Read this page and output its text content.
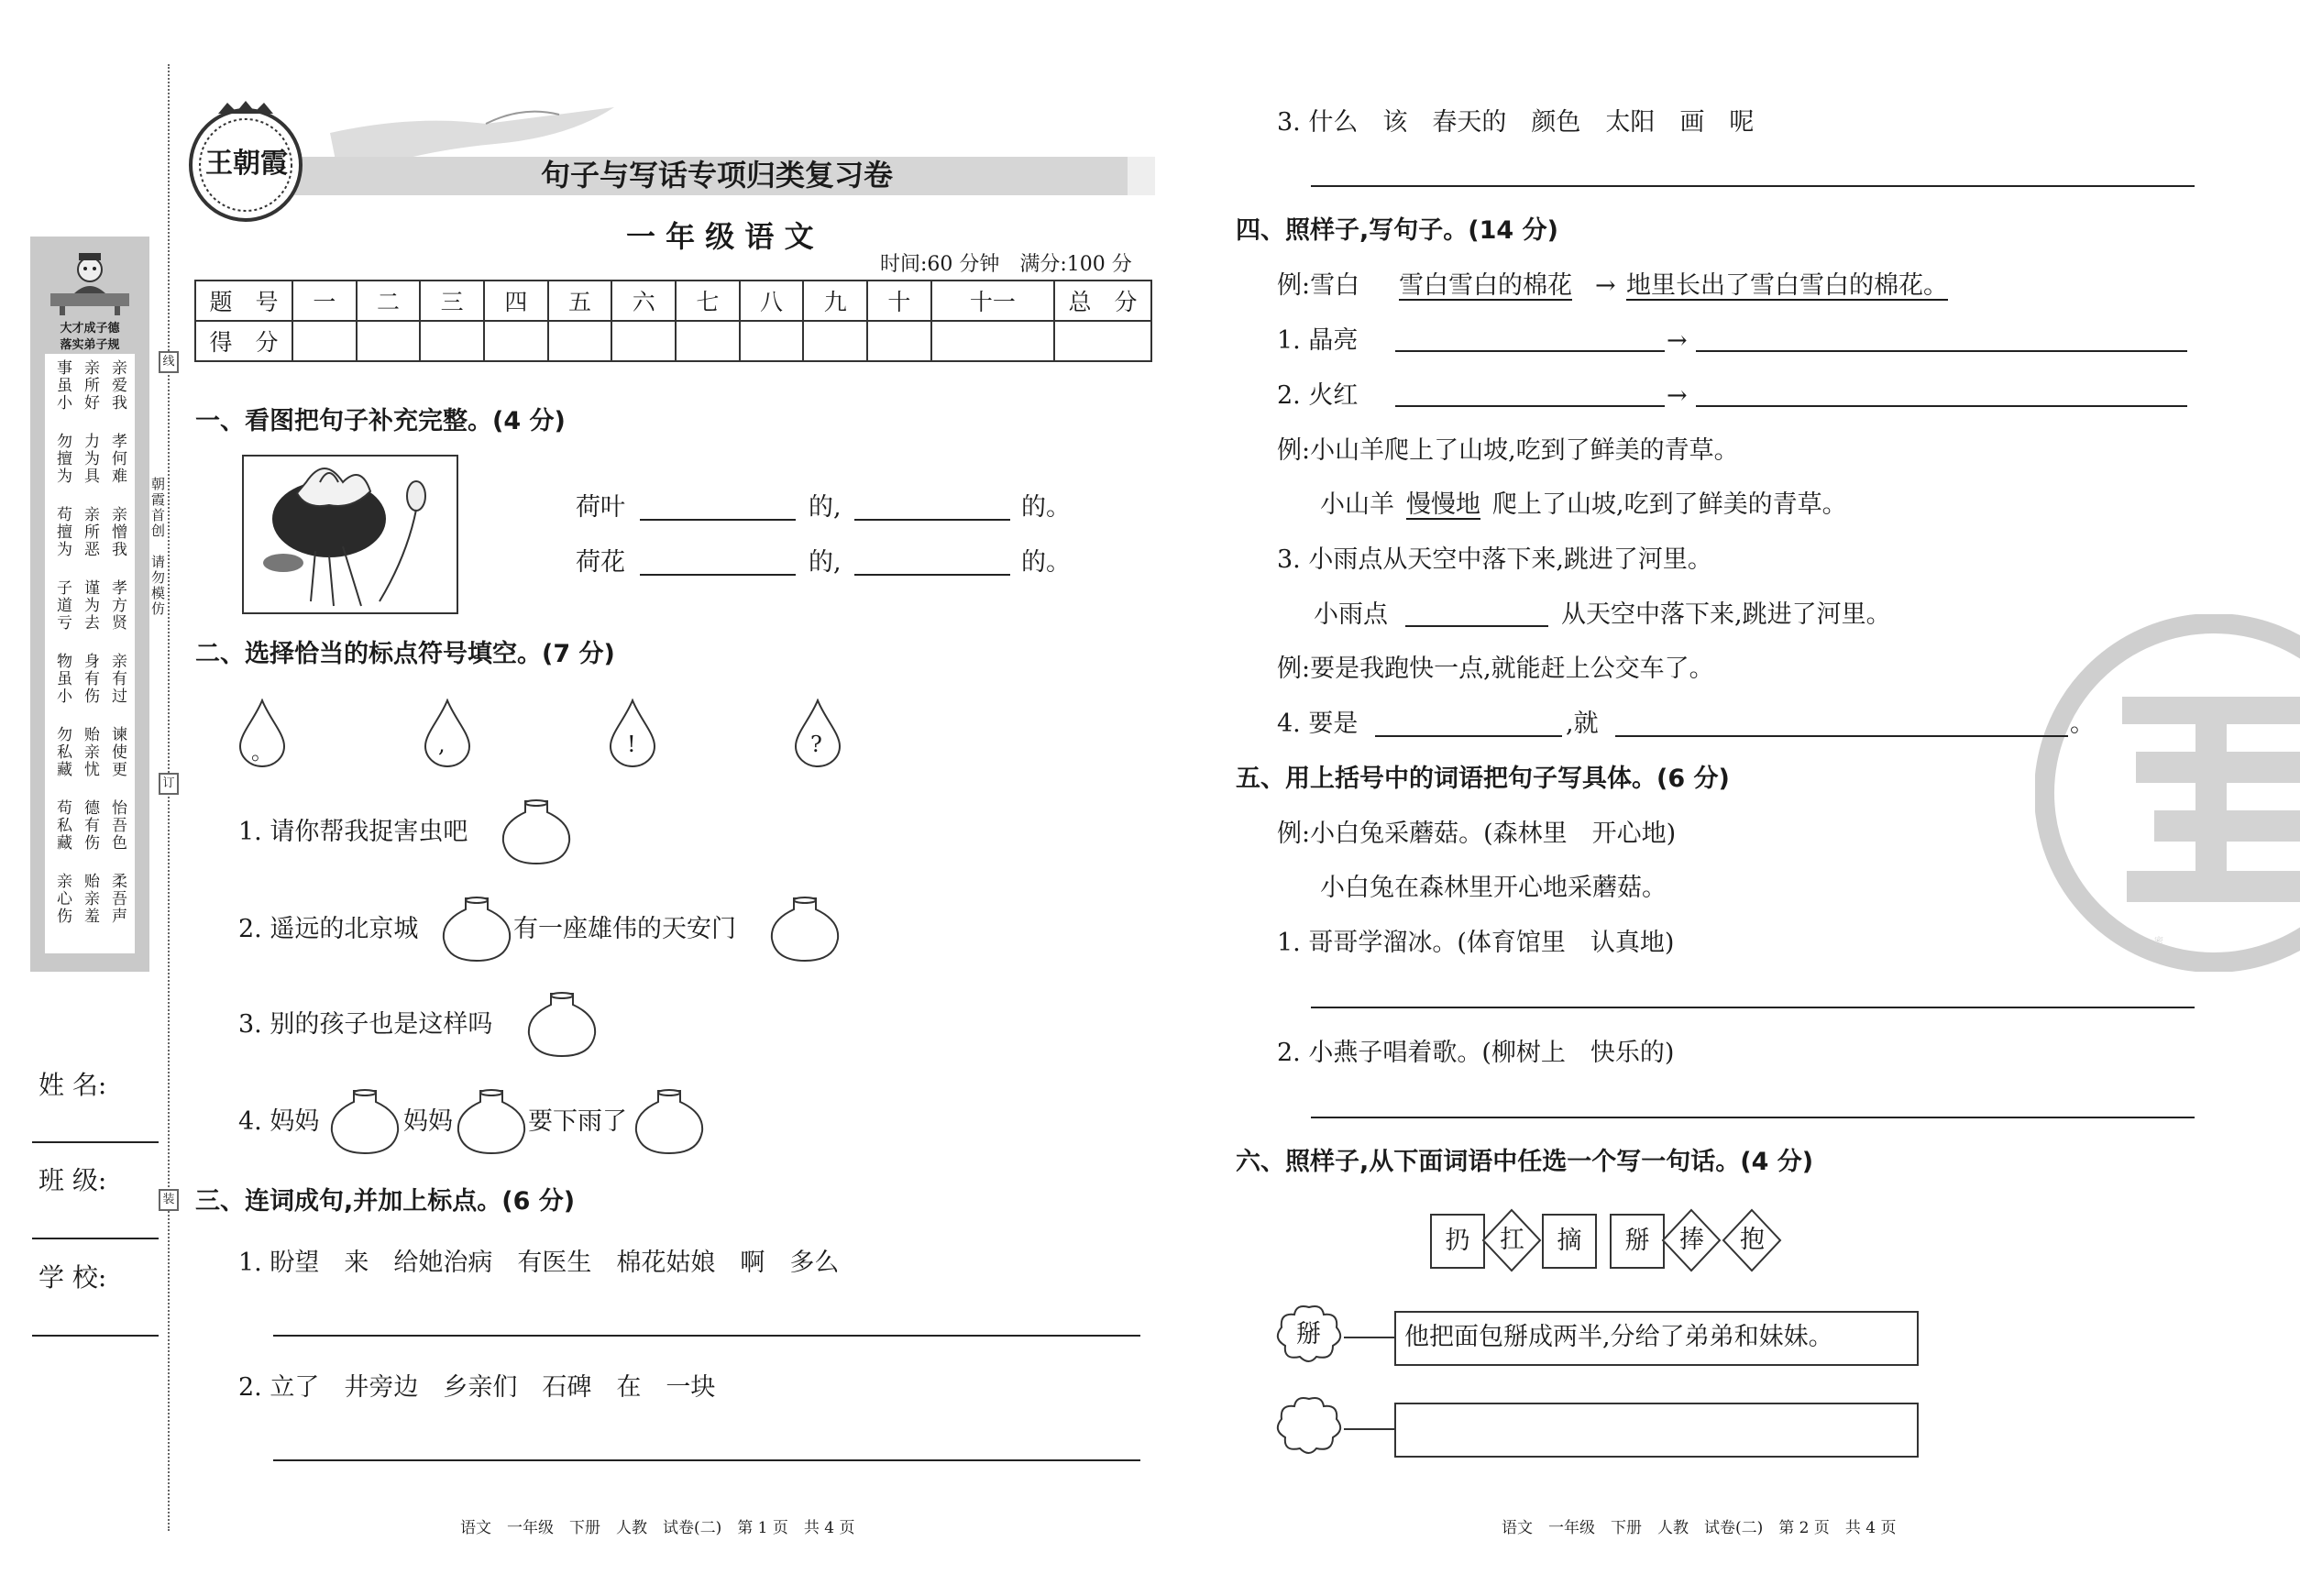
大才成子德
落实弟子规
亲爱我
亲所好
事虽小
孝何难
力为具
勿擅为
亲憎我
亲所恶
苟擅为
孝方贤
谨为去
子道亏
亲有过
身有伤
物虽小
谏使更
贻亲忧
勿私藏
怡吾色
德有伤
苟私藏
柔吾声
贻亲羞
亲心伤
线
订
装
朝霞首创　请勿模仿
姓 名:
班 级:
学 校:
王朝霞	句子与写话专项归类复习卷
一 年 级 语 文
时间:60 分钟　满分:100 分
题　号	一	二	三	四	五	六	七	八	九	十	十一	总　分
得　分												
一、看图把句子补充完整。(4 分)
荷叶	的,	的。
荷花	的,	的。
二、选择恰当的标点符号填空。(7 分)
。	,	!	?
1. 请你帮我捉害虫吧
2. 遥远的北京城	有一座雄伟的天安门
3. 别的孩子也是这样吗
4. 妈妈	妈妈	要下雨了
三、连词成句,并加上标点。(6 分)
1. 盼望　来　给她治病　有医生　棉花姑娘　啊　多么
2. 立了　井旁边　乡亲们　石碑　在　一块
语文　一年级　下册　人教　试卷(二)　第 1 页　共 4 页
密
3. 什么　该　春天的　颜色　太阳　画　呢
四、照样子,写句子。(14 分)
例:雪白 雪白雪白的棉花 → 地里长出了雪白雪白的棉花。
1. 晶亮	→
2. 火红	→
例:小山羊爬上了山坡,吃到了鲜美的青草。
小山羊 慢慢地 爬上了山坡,吃到了鲜美的青草。
3. 小雨点从天空中落下来,跳进了河里。
小雨点	从天空中落下来,跳进了河里。
例:要是我跑快一点,就能赶上公交车了。
4. 要是	,就	。
五、用上括号中的词语把句子写具体。(6 分)
例:小白兔采蘑菇。(森林里　开心地)
小白兔在森林里开心地采蘑菇。
1. 哥哥学溜冰。(体育馆里　认真地)
2. 小燕子唱着歌。(柳树上　快乐的)
六、照样子,从下面词语中任选一个写一句话。(4 分)
扔	扛	摘	掰	捧 抱
掰	他把面包掰成两半,分给了弟弟和妹妹。
语文　一年级　下册　人教　试卷(二)　第 2 页　共 4 页
